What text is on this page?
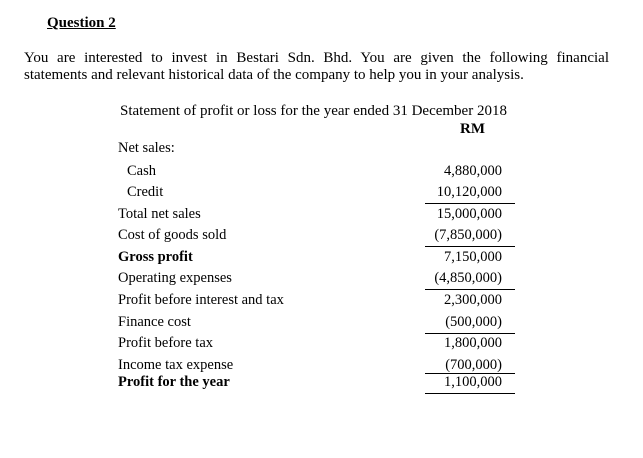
Question 2
You are interested to invest in Bestari Sdn. Bhd. You are given the following financial
statements and relevant historical data of the company to help you in your analysis.
Statement of profit or loss for the year ended 31 December 2018
RM
Net sales:
Cash	4,880,000
Credit	10,120,000
Total net sales	15,000,000
Cost of goods sold	(7,850,000)
Gross profit	7,150,000
Operating expenses	(4,850,000)
Profit before interest and tax	2,300,000
Finance cost	(500,000)
Profit before tax	1,800,000
Income tax expense	(700,000)
Profit for the year	1,100,000
